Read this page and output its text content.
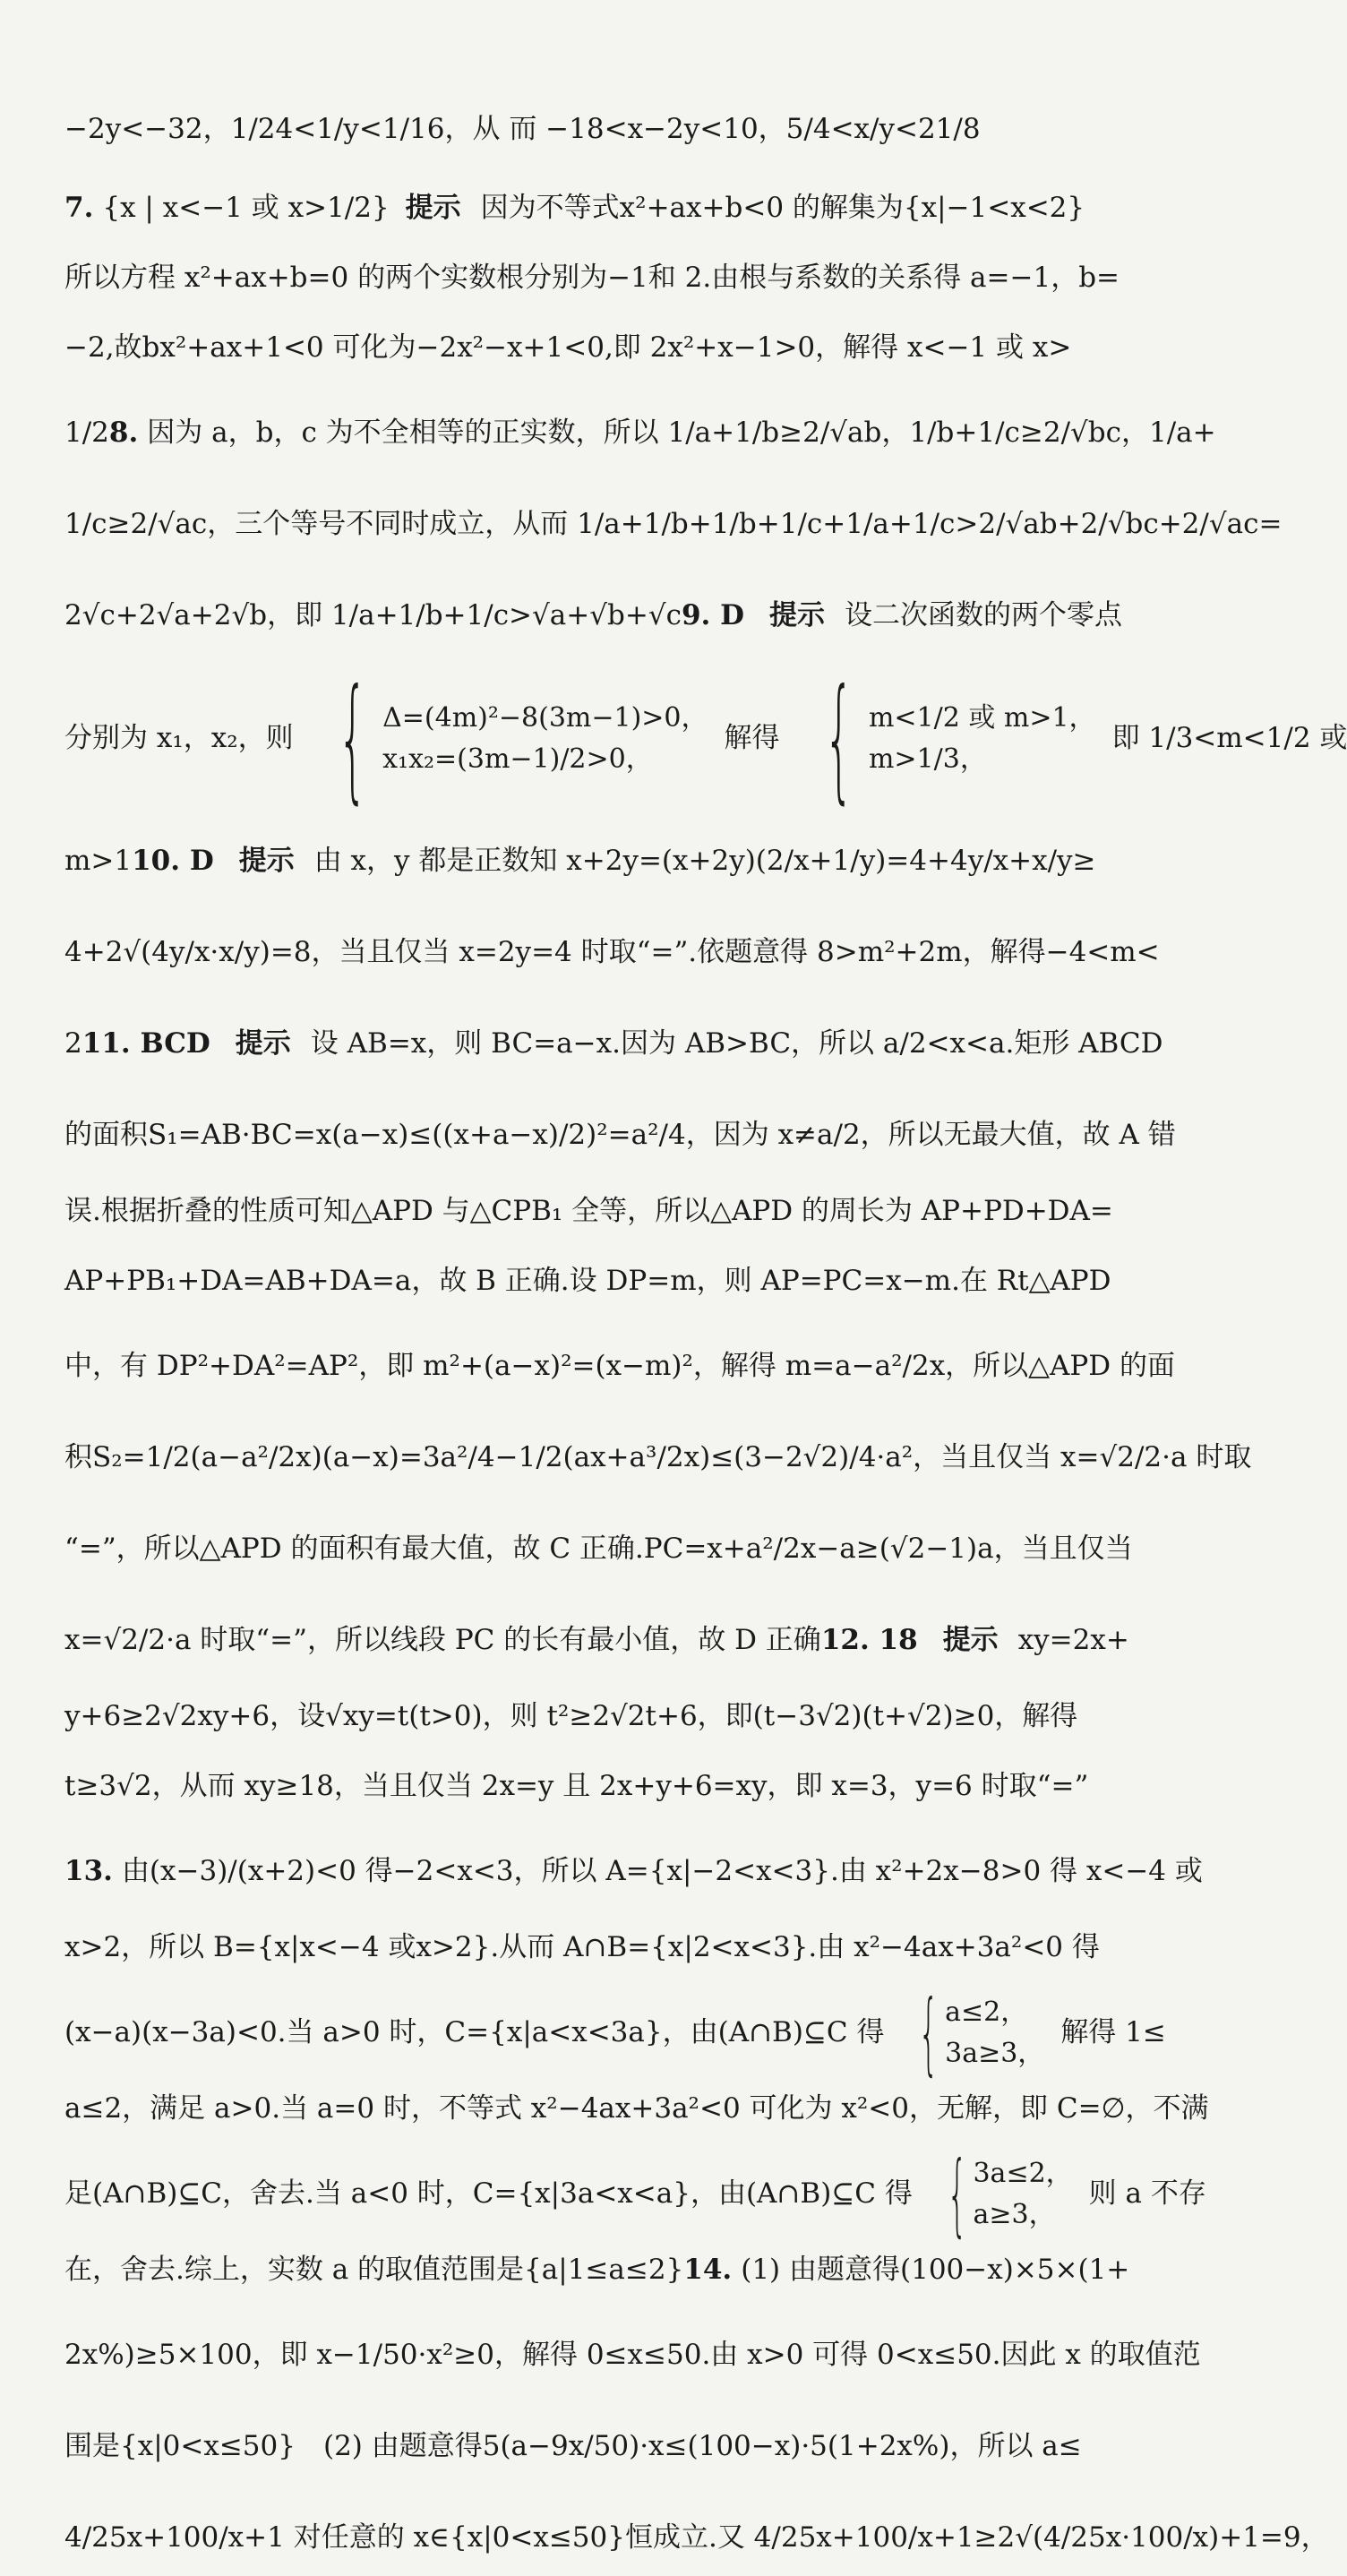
−2y<−32，1/24<1/y<1/16，从 而 −18<x−2y<10，5/4<x/y<21/8
7. {x | x<−1 或 x>1/2} 提示 因为不等式x²+ax+b<0 的解集为{x|−1<x<2}
所以方程 x²+ax+b=0 的两个实数根分别为−1和 2.由根与系数的关系得 a=−1，b=
−2,故bx²+ax+1<0 可化为−2x²−x+1<0,即 2x²+x−1>0，解得 x<−1 或 x>
1/2 8. 因为 a，b，c 为不全相等的正实数，所以 1/a+1/b≥2/√ab，1/b+1/c≥2/√bc，1/a+
1/c≥2/√ac，三个等号不同时成立，从而 1/a+1/b+1/b+1/c+1/a+1/c>2/√ab+2/√bc+2/√ac=
2√c+2√a+2√b，即 1/a+1/b+1/c>√a+√b+√c 9. D 提示 设二次函数的两个零点
分别为 x₁，x₂，则 { Δ=(4m)²−8(3m−1)>0，
x₁x₂=(3m−1)/2>0，
解得 { m<1/2 或 m>1，
m>1/3，
即 1/3<m<1/2 或
m>1 10. D 提示 由 x，y 都是正数知 x+2y=(x+2y)(2/x+1/y)=4+4y/x+x/y≥
4+2√(4y/x·x/y)=8，当且仅当 x=2y=4 时取“=”.依题意得 8>m²+2m，解得−4<m<
2 11. BCD 提示 设 AB=x，则 BC=a−x.因为 AB>BC，所以 a/2<x<a.矩形 ABCD
的面积S₁=AB·BC=x(a−x)≤((x+a−x)/2)²=a²/4，因为 x≠a/2，所以无最大值，故 A 错
误.根据折叠的性质可知△APD 与△CPB₁ 全等，所以△APD 的周长为 AP+PD+DA=
AP+PB₁+DA=AB+DA=a，故 B 正确.设 DP=m，则 AP=PC=x−m.在 Rt△APD
中，有 DP²+DA²=AP²，即 m²+(a−x)²=(x−m)²，解得 m=a−a²/2x，所以△APD 的面
积S₂=1/2(a−a²/2x)(a−x)=3a²/4−1/2(ax+a³/2x)≤(3−2√2)/4·a²，当且仅当 x=√2/2·a 时取
“=”，所以△APD 的面积有最大值，故 C 正确.PC=x+a²/2x−a≥(√2−1)a，当且仅当
x=√2/2·a 时取“=”，所以线段 PC 的长有最小值，故 D 正确 12. 18 提示 xy=2x+
y+6≥2√2xy+6，设√xy=t(t>0)，则 t²≥2√2t+6，即(t−3√2)(t+√2)≥0，解得
t≥3√2，从而 xy≥18，当且仅当 2x=y 且 2x+y+6=xy，即 x=3，y=6 时取“=”
13. 由(x−3)/(x+2)<0 得−2<x<3，所以 A={x|−2<x<3}.由 x²+2x−8>0 得 x<−4 或
x>2，所以 B={x|x<−4 或x>2}.从而 A∩B={x|2<x<3}.由 x²−4ax+3a²<0 得
(x−a)(x−3a)<0.当 a>0 时，C={x|a<x<3a}，由(A∩B)⊆C 得 { a≤2，
3a≥3，
解得 1≤
a≤2，满足 a>0.当 a=0 时，不等式 x²−4ax+3a²<0 可化为 x²<0，无解，即 C=∅，不满
足(A∩B)⊆C，舍去.当 a<0 时，C={x|3a<x<a}，由(A∩B)⊆C 得 { 3a≤2，
a≥3，
则 a 不存
在，舍去.综上，实数 a 的取值范围是{a|1≤a≤2} 14. (1) 由题意得(100−x)×5×(1+
2x%)≥5×100，即 x−1/50·x²≥0，解得 0≤x≤50.由 x>0 可得 0<x≤50.因此 x 的取值范
围是{x|0<x≤50}　(2) 由题意得5(a−9x/50)·x≤(100−x)·5(1+2x%)，所以 a≤
4/25x+100/x+1 对任意的 x∈{x|0<x≤50}恒成立.又 4/25x+100/x+1≥2√(4/25x·100/x)+1=9，
